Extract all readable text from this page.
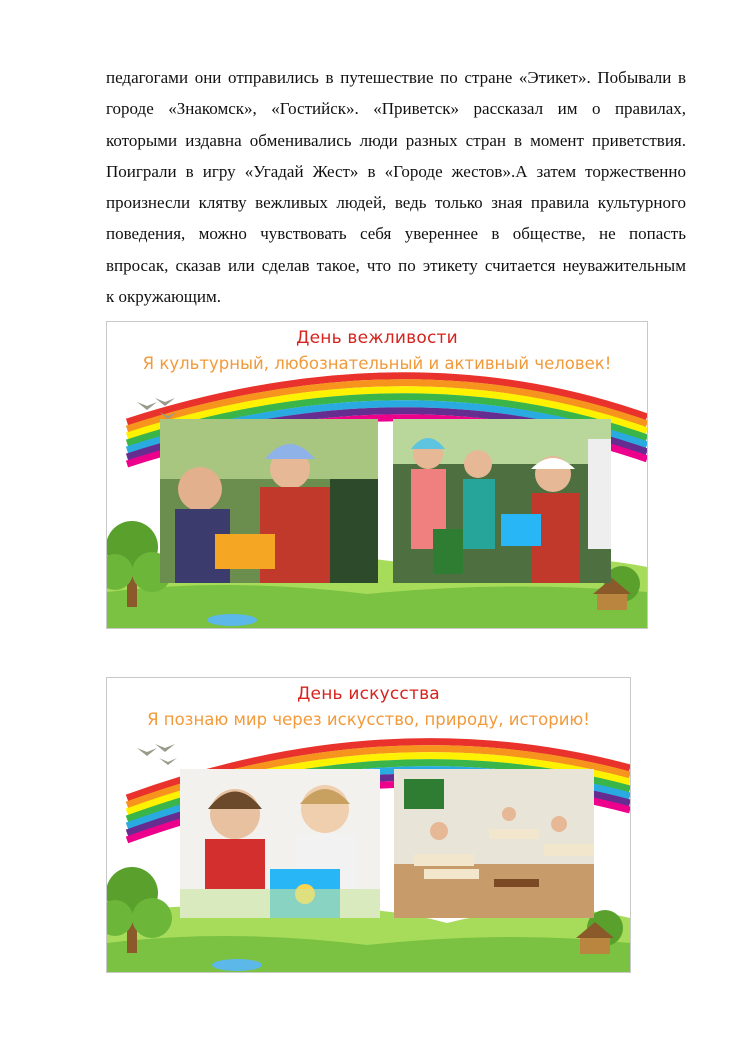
педагогами они отправились в путешествие по стране «Этикет». Побывали в
городе «Знакомск», «Гостийск». «Приветск» рассказал им о правилах,
которыми издавна обменивались люди разных стран в момент приветствия.
Поиграли в игру «Угадай Жест» в «Городе жестов».А затем торжественно
произнесли клятву вежливых людей, ведь только зная правила культурного
поведения, можно чувствовать себя увереннее в обществе, не попасть
впросак, сказав или сделав такое, что по этикету считается неуважительным
к окружающим.
День вежливости
Я культурный, любознательный и активный человек!
День искусства
Я познаю мир через искусство, природу, историю!
